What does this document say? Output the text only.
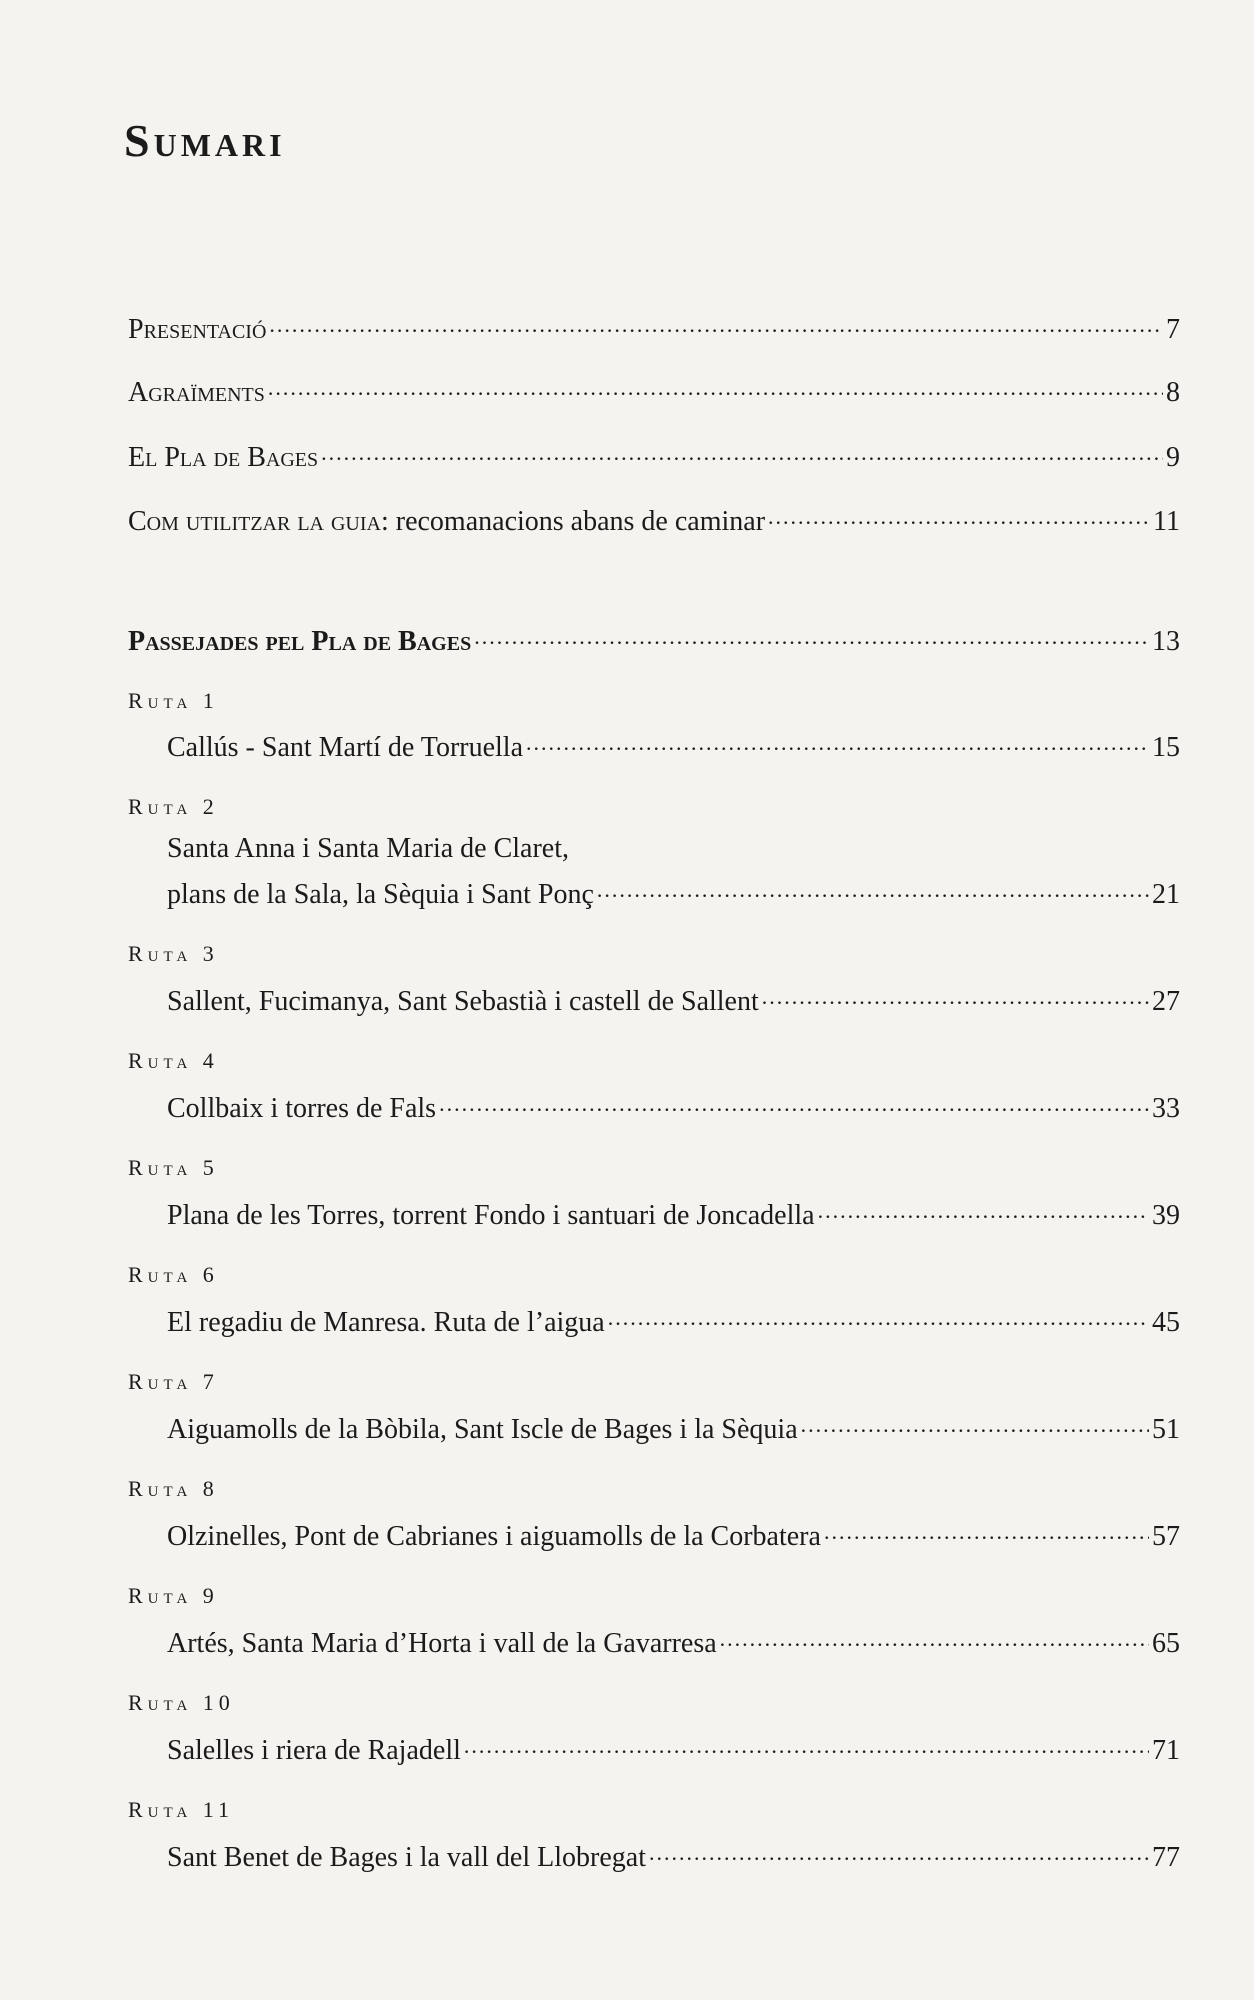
Sumari
Presentació .....	7
Agraïments .....	8
El Pla de Bages .....	9
Com utilitzar la guia: recomanacions abans de caminar .....	11
Passejades pel Pla de Bages .....	13
Ruta 1
Callús - Sant Martí de Torruella .....	15
Ruta 2
Santa Anna i Santa Maria de Claret,
plans de la Sala, la Sèquia i Sant Ponç .....	21
Ruta 3
Sallent, Fucimanya, Sant Sebastià i castell de Sallent .....	27
Ruta 4
Collbaix i torres de Fals .....	33
Ruta 5
Plana de les Torres, torrent Fondo i santuari de Joncadella .....	39
Ruta 6
El regadiu de Manresa. Ruta de l’aigua .....	45
Ruta 7
Aiguamolls de la Bòbila, Sant Iscle de Bages i la Sèquia .....	51
Ruta 8
Olzinelles, Pont de Cabrianes i aiguamolls de la Corbatera .....	57
Ruta 9
Artés, Santa Maria d’Horta i vall de la Gavarresa .....	65
Ruta 10
Salelles i riera de Rajadell .....	71
Ruta 11
Sant Benet de Bages i la vall del Llobregat .....	77
